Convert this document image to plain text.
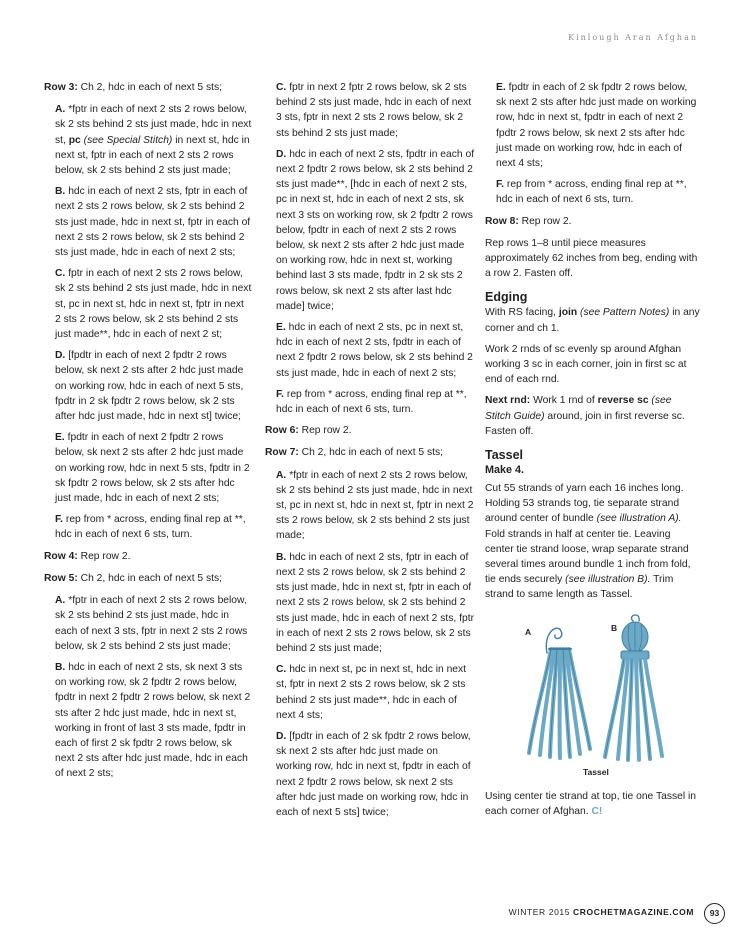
Kinlough Aran Afghan

Row 3: Ch 2, hdc in each of next 5 sts;

A. *fptr in each of next 2 sts 2 rows below, sk 2 sts behind 2 sts just made, hdc in next st, pc (see Special Stitch) in next st, hdc in next st, fptr in each of next 2 sts 2 rows below, sk 2 sts behind 2 sts just made;

B. hdc in each of next 2 sts, fptr in each of next 2 sts 2 rows below, sk 2 sts behind 2 sts just made, hdc in next st, fptr in each of next 2 sts 2 rows below, sk 2 sts behind 2 sts just made, hdc in each of next 2 sts;

C. fptr in each of next 2 sts 2 rows below, sk 2 sts behind 2 sts just made, hdc in next st, pc in next st, hdc in next st, fptr in next 2 sts 2 rows below, sk 2 sts behind 2 sts just made**, hdc in each of next 2 st;

D. [fpdtr in each of next 2 fpdtr 2 rows below, sk next 2 sts after 2 hdc just made on working row, hdc in each of next 5 sts, fpdtr in 2 sk fpdtr 2 rows below, sk 2 sts after hdc just made, hdc in next st] twice;

E. fpdtr in each of next 2 fpdtr 2 rows below, sk next 2 sts after 2 hdc just made on working row, hdc in next 5 sts, fpdtr in 2 sk fpdtr 2 rows below, sk 2 sts after hdc just made, hdc in each of next 2 sts;

F. rep from * across, ending final rep at **, hdc in each of next 6 sts, turn.

Row 4: Rep row 2.

Row 5: Ch 2, hdc in each of next 5 sts;

A. *fptr in each of next 2 sts 2 rows below, sk 2 sts behind 2 sts just made, hdc in each of next 3 sts, fptr in next 2 sts 2 rows below, sk 2 sts behind 2 sts just made;

B. hdc in each of next 2 sts, sk next 3 sts on working row, sk 2 fpdtr 2 rows below, fpdtr in next 2 fpdtr 2 rows below, sk next 2 sts after 2 hdc just made, hdc in next st, working in front of last 3 sts made, fpdtr in each of first 2 sk fpdtr 2 rows below, sk next 2 sts after hdc just made, hdc in each of next 2 sts;

C. fptr in next 2 fptr 2 rows below, sk 2 sts behind 2 sts just made, hdc in each of next 3 sts, fptr in next 2 sts 2 rows below, sk 2 sts behind 2 sts just made;

D. hdc in each of next 2 sts, fpdtr in each of next 2 fpdtr 2 rows below, sk 2 sts behind 2 sts just made**, [hdc in each of next 2 sts, pc in next st, hdc in each of next 2 sts, sk next 3 sts on working row, sk 2 fpdtr 2 rows below, fpdtr in each of next 2 sts 2 rows below, sk next 2 sts after 2 hdc just made on working row, hdc in next st, working behind last 3 sts made, fpdtr in 2 sk sts 2 rows below, sk next 2 sts after last hdc made] twice;

E. hdc in each of next 2 sts, pc in next st, hdc in each of next 2 sts, fpdtr in each of next 2 fpdtr 2 rows below, sk 2 sts behind 2 sts just made, hdc in each of next 2 sts;

F. rep from * across, ending final rep at **, hdc in each of next 6 sts, turn.

Row 6: Rep row 2.

Row 7: Ch 2, hdc in each of next 5 sts;

A. *fptr in each of next 2 sts 2 rows below, sk 2 sts behind 2 sts just made, hdc in next st, pc in next st, hdc in next st, fptr in next 2 sts 2 rows below, sk 2 sts behind 2 sts just made;

B. hdc in each of next 2 sts, fptr in each of next 2 sts 2 rows below, sk 2 sts behind 2 sts just made, hdc in next st, fptr in each of next 2 sts 2 rows below, sk 2 sts behind 2 sts just made, hdc in each of next 2 sts, fptr in each of next 2 sts 2 rows below, sk 2 sts behind 2 sts just made;

C. hdc in next st, pc in next st, hdc in next st, fptr in next 2 sts 2 rows below, sk 2 sts behind 2 sts just made**, hdc in each of next 4 sts;

D. [fpdtr in each of 2 sk fpdtr 2 rows below, sk next 2 sts after hdc just made on working row, hdc in next st, fpdtr in each of next 2 fpdtr 2 rows below, sk next 2 sts after hdc just made on working row, hdc in each of next 5 sts] twice;

E. fpdtr in each of 2 sk fpdtr 2 rows below, sk next 2 sts after hdc just made on working row, hdc in next st, fpdtr in each of next 2 fpdtr 2 rows below, sk next 2 sts after hdc just made on working row, hdc in each of next 4 sts;

F. rep from * across, ending final rep at **, hdc in each of next 6 sts, turn.

Row 8: Rep row 2.

Rep rows 1–8 until piece measures approximately 62 inches from beg, ending with a row 2. Fasten off.

Edging

With RS facing, join (see Pattern Notes) in any corner and ch 1.

Work 2 rnds of sc evenly sp around Afghan working 3 sc in each corner, join in first sc at end of each rnd.

Next rnd: Work 1 rnd of reverse sc (see Stitch Guide) around, join in first reverse sc. Fasten off.

Tassel
Make 4.

Cut 55 strands of yarn each 16 inches long. Holding 53 strands tog, tie separate strand around center of bundle (see illustration A). Fold strands in half at center tie. Leaving center tie strand loose, wrap separate strand several times around bundle 1 inch from fold, tie ends securely (see illustration B). Trim strand to same length as Tassel.

A	B
Tassel

Using center tie strand at top, tie one Tassel in each corner of Afghan. C!

WINTER 2015 CROCHETMAGAZINE.COM	93
